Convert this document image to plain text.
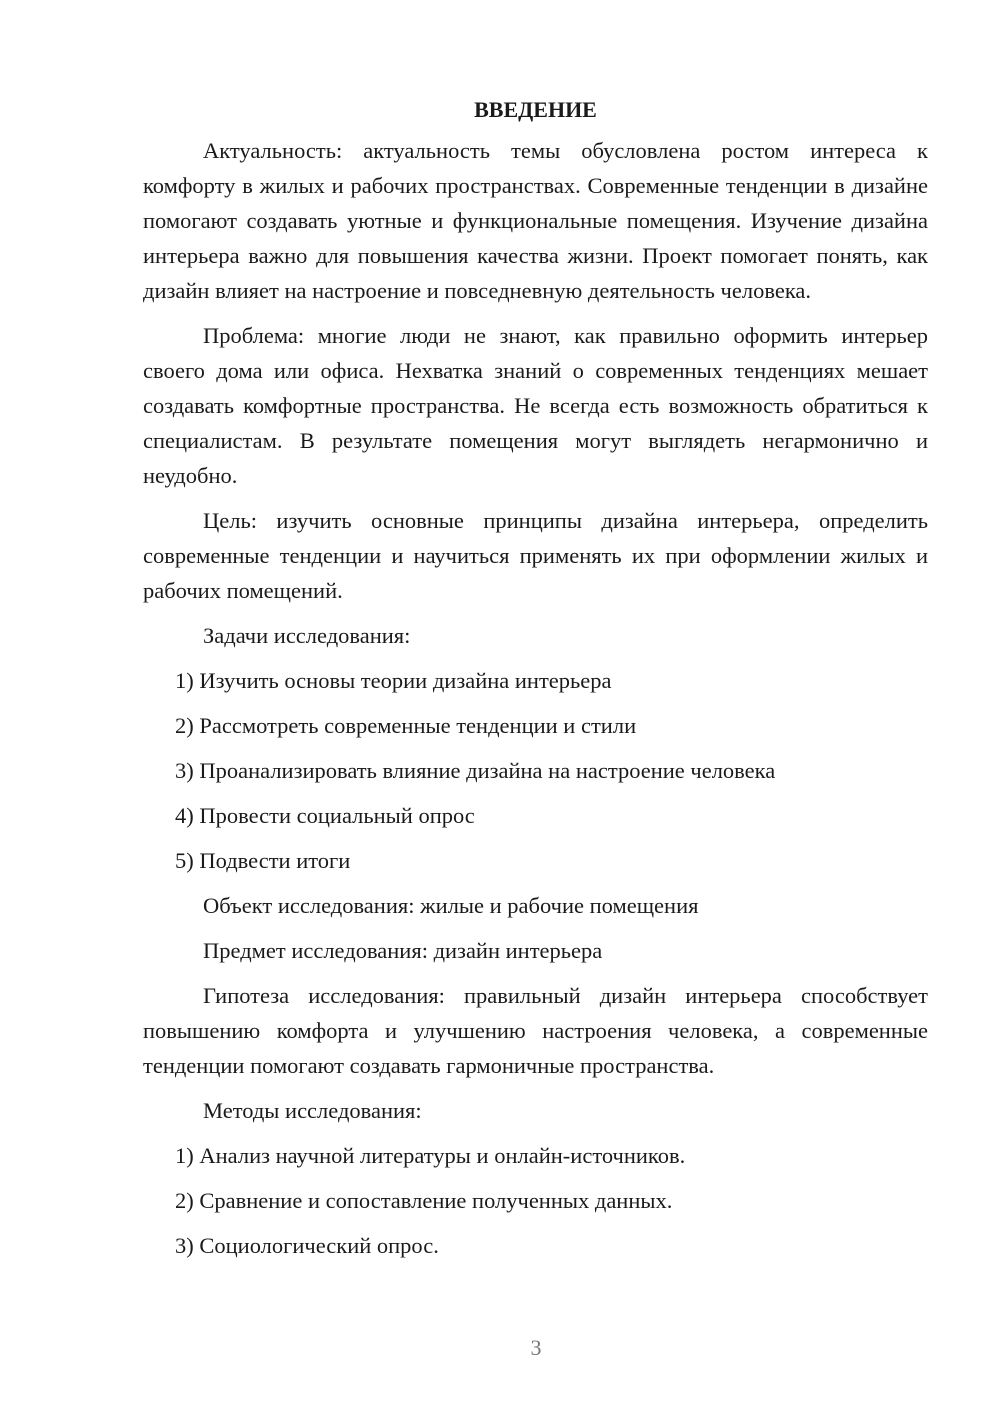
ВВЕДЕНИЕ

Актуальность: актуальность темы обусловлена ростом интереса к комфорту в жилых и рабочих пространствах. Современные тенденции в дизайне помогают создавать уютные и функциональные помещения. Изучение дизайна интерьера важно для повышения качества жизни. Проект помогает понять, как дизайн влияет на настроение и повседневную деятельность человека.

Проблема: многие люди не знают, как правильно оформить интерьер своего дома или офиса. Нехватка знаний о современных тенденциях мешает создавать комфортные пространства. Не всегда есть возможность обратиться к специалистам. В результате помещения могут выглядеть негармонично и неудобно.

Цель: изучить основные принципы дизайна интерьера, определить современные тенденции и научиться применять их при оформлении жилых и рабочих помещений.

Задачи исследования:
1) Изучить основы теории дизайна интерьера
2) Рассмотреть современные тенденции и стили
3) Проанализировать влияние дизайна на настроение человека
4) Провести социальный опрос
5) Подвести итоги
Объект исследования: жилые и рабочие помещения
Предмет исследования: дизайн интерьера

Гипотеза исследования: правильный дизайн интерьера способствует повышению комфорта и улучшению настроения человека, а современные тенденции помогают создавать гармоничные пространства.

Методы исследования:
1) Анализ научной литературы и онлайн-источников.
2) Сравнение и сопоставление полученных данных.
3) Социологический опрос.
3
